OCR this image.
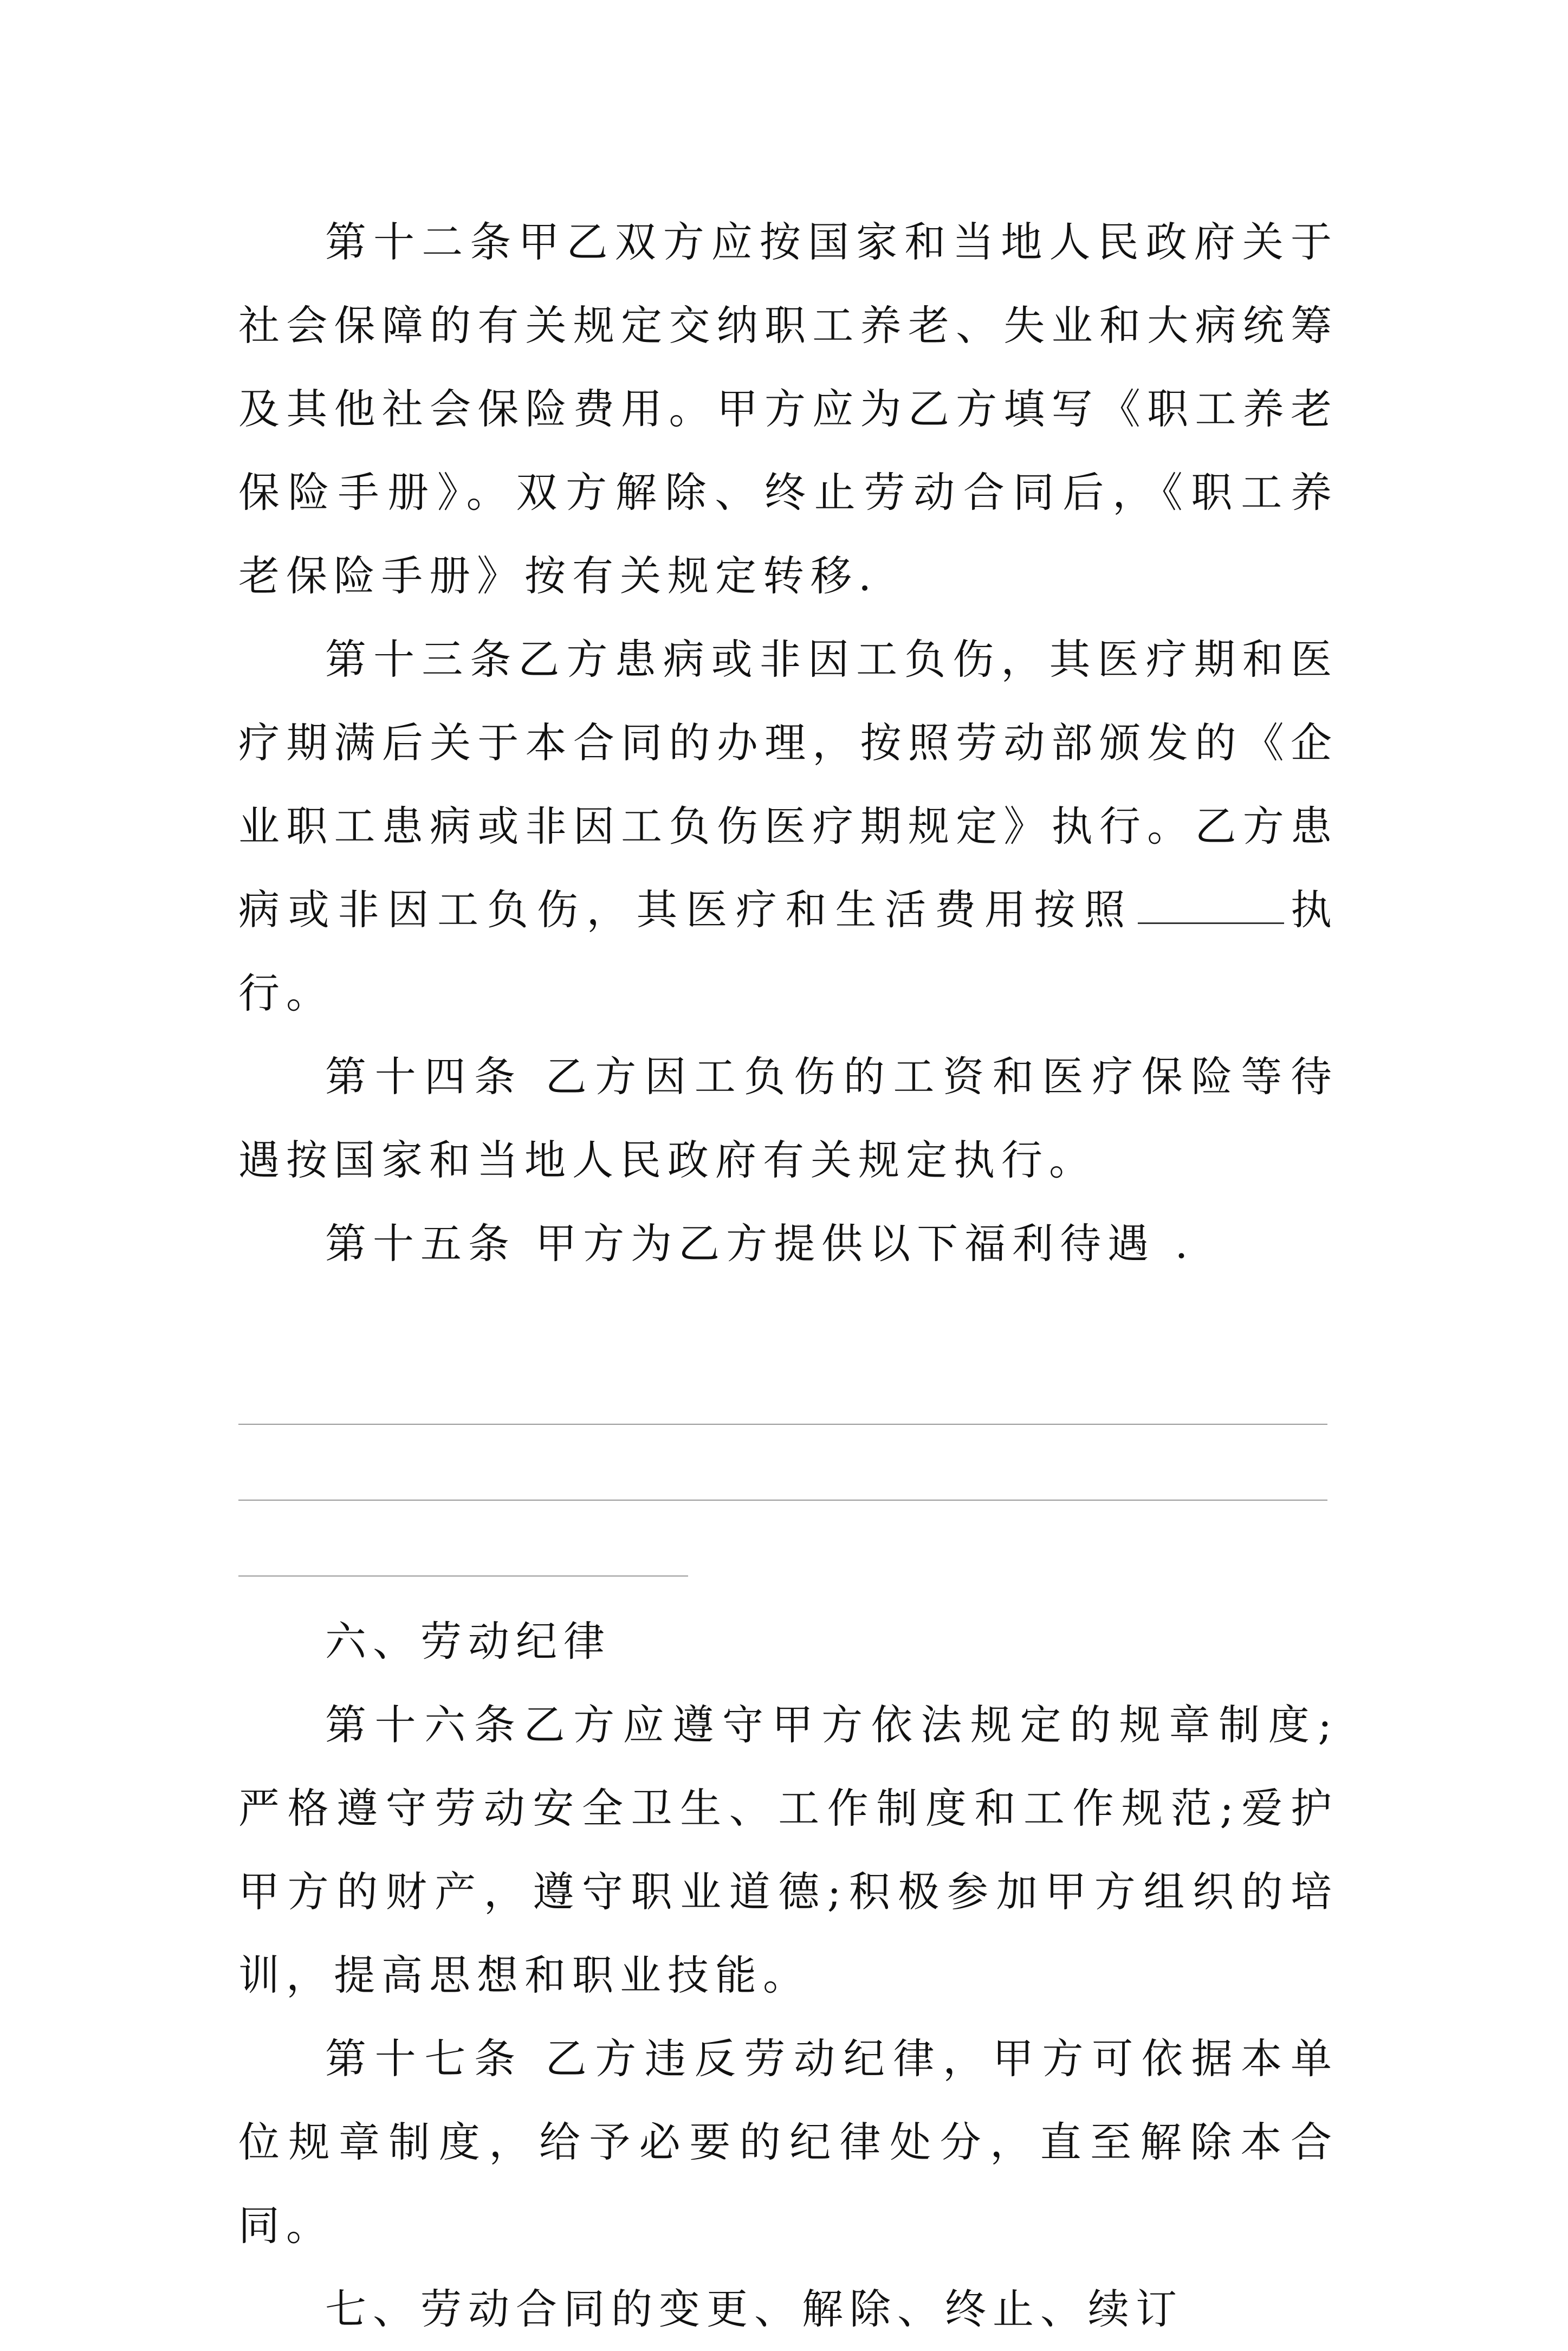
第十二条甲乙双方应按国家和当地人民政府关于社会保障的有关规定交纳职工养老、失业和大病统筹及其他社会保险费用。甲方应为乙方填写《职工养老保险手册》。双方解除、终止劳动合同后，《职工养老保险手册》按有关规定转移.

第十三条乙方患病或非因工负伤，其医疗期和医疗期满后关于本合同的办理，按照劳动部颁发的《企业职工患病或非因工负伤医疗期规定》执行。乙方患病或非因工负伤，其医疗和生活费用按照	执行。

第十四条 乙方因工负伤的工资和医疗保险等待遇按国家和当地人民政府有关规定执行。

第十五条 甲方为乙方提供以下福利待遇 .

六、劳动纪律

第十六条乙方应遵守甲方依法规定的规章制度;严格遵守劳动安全卫生、工作制度和工作规范;爱护甲方的财产，遵守职业道德;积极参加甲方组织的培训，提高思想和职业技能。

第十七条 乙方违反劳动纪律，甲方可依据本单位规章制度，给予必要的纪律处分，直至解除本合同。

七、劳动合同的变更、解除、终止、续订
